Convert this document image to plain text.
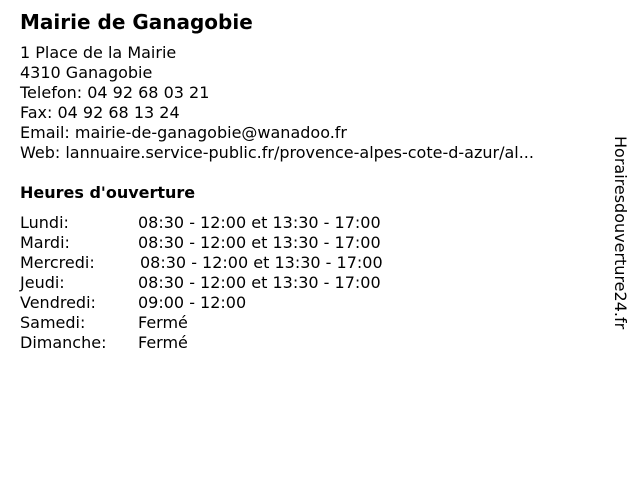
Mairie de Ganagobie
1 Place de la Mairie
4310 Ganagobie
Telefon: 04 92 68 03 21
Fax: 04 92 68 13 24
Email: mairie-de-ganagobie@wanadoo.fr
Web: lannuaire.service-public.fr/provence-alpes-cote-d-azur/al...
Heures d'ouverture
Lundi:	08:30 - 12:00 et 13:30 - 17:00
Mardi:	08:30 - 12:00 et 13:30 - 17:00
Mercredi:	08:30 - 12:00 et 13:30 - 17:00
Jeudi:	08:30 - 12:00 et 13:30 - 17:00
Vendredi:	09:00 - 12:00
Samedi:	Fermé
Dimanche: Fermé
Horairesdouverture24.fr
